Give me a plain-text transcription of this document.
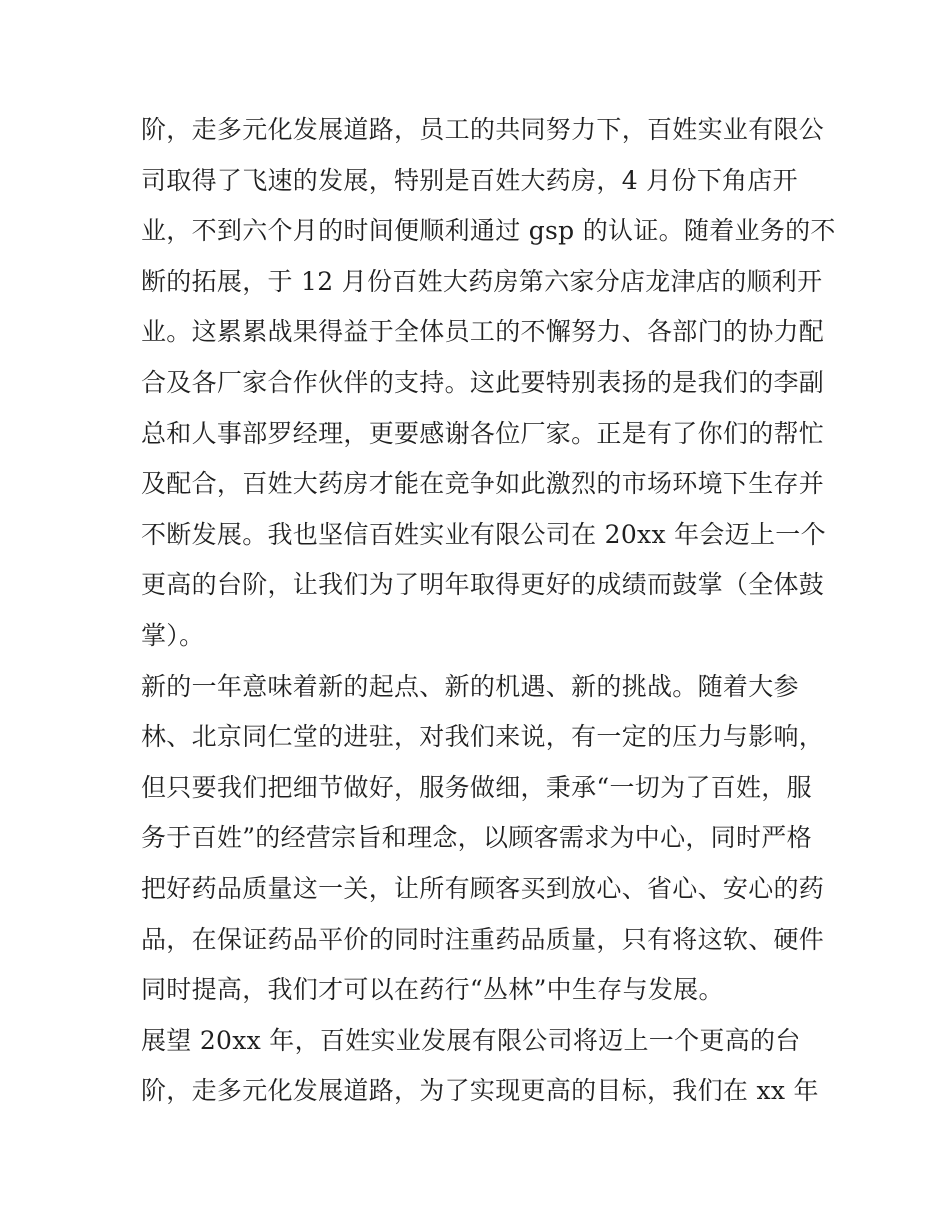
阶，走多元化发展道路，员工的共同努力下，百姓实业有限公
司取得了飞速的发展，特别是百姓大药房，4 月份下角店开
业，不到六个月的时间便顺利通过 gsp 的认证。随着业务的不
断的拓展，于 12 月份百姓大药房第六家分店龙津店的顺利开
业。这累累战果得益于全体员工的不懈努力、各部门的协力配
合及各厂家合作伙伴的支持。这此要特别表扬的是我们的李副
总和人事部罗经理，更要感谢各位厂家。正是有了你们的帮忙
及配合，百姓大药房才能在竞争如此激烈的市场环境下生存并
不断发展。我也坚信百姓实业有限公司在 20xx 年会迈上一个
更高的台阶，让我们为了明年取得更好的成绩而鼓掌（全体鼓
掌）。
新的一年意味着新的起点、新的机遇、新的挑战。随着大参
林、北京同仁堂的进驻，对我们来说，有一定的压力与影响，
但只要我们把细节做好，服务做细，秉承“一切为了百姓，服
务于百姓”的经营宗旨和理念，以顾客需求为中心，同时严格
把好药品质量这一关，让所有顾客买到放心、省心、安心的药
品，在保证药品平价的同时注重药品质量，只有将这软、硬件
同时提高，我们才可以在药行“丛林”中生存与发展。
展望 20xx 年，百姓实业发展有限公司将迈上一个更高的台
阶，走多元化发展道路，为了实现更高的目标，我们在 xx 年
